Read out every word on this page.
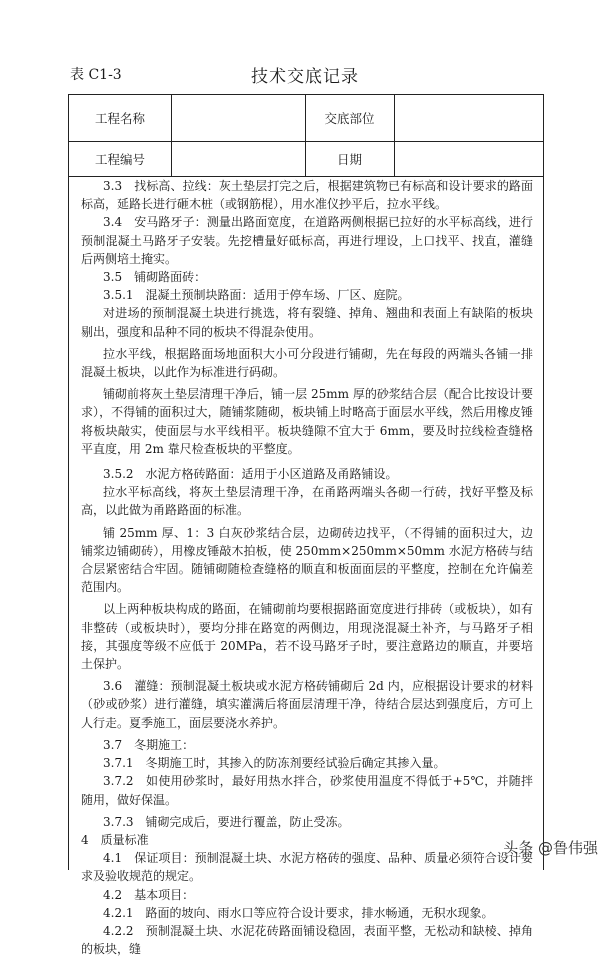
表 C1-3	技术交底记录
工程名称	交底部位
工程编号	日期

3.3　找标高、拉线：灰土垫层打完之后，根据建筑物已有标高和设计要求的路面标高，延路长进行砸木桩（或钢筋棍），用水准仪抄平后，拉水平线。

3.4　安马路牙子：测量出路面宽度，在道路两侧根据已拉好的水平标高线，进行预制混凝土马路牙子安装。先挖槽量好砥标高，再进行埋设，上口找平、找直，灌缝后两侧培土掩实。

3.5　铺砌路面砖：

3.5.1　混凝土预制块路面：适用于停车场、厂区、庭院。

对进场的预制混凝土块进行挑选，将有裂缝、掉角、翘曲和表面上有缺陷的板块剔出，强度和品种不同的板块不得混杂使用。

拉水平线，根据路面场地面积大小可分段进行铺砌，先在每段的两端头各铺一排混凝土板块，以此作为标准进行码砌。

铺砌前将灰土垫层清理干净后，铺一层 25mm 厚的砂浆结合层（配合比按设计要求），不得铺的面积过大，随铺浆随砌，板块铺上时略高于面层水平线，然后用橡皮锤将板块敲实，使面层与水平线相平。板块缝隙不宜大于 6mm，要及时拉线检查缝格平直度，用 2m 靠尺检查板块的平整度。

3.5.2　水泥方格砖路面：适用于小区道路及甬路铺设。

拉水平标高线，将灰土垫层清理干净，在甬路两端头各砌一行砖，找好平整及标高，以此做为甬路路面的标准。

铺 25mm 厚、1：3 白灰砂浆结合层，边砌砖边找平，（不得铺的面积过大，边铺浆边铺砌砖），用橡皮锤敲木拍板，使 250mm×250mm×50mm 水泥方格砖与结合层紧密结合牢固。随铺砌随检查缝格的顺直和板面面层的平整度，控制在允许偏差范围内。

以上两种板块构成的路面，在铺砌前均要根据路面宽度进行排砖（或板块），如有非整砖（或板块时），要均分排在路宽的两侧边，用现浇混凝土补齐，与马路牙子相接，其强度等级不应低于 20MPa，若不设马路牙子时，要注意路边的顺直，并要培土保护。

3.6　灌缝：预制混凝土板块或水泥方格砖铺砌后 2d 内，应根据设计要求的材料（砂或砂浆）进行灌缝，填实灌满后将面层清理干净，待结合层达到强度后，方可上人行走。夏季施工，面层要浇水养护。

3.7　冬期施工：

3.7.1　冬期施工时，其掺入的防冻剂要经试验后确定其掺入量。

3.7.2　如使用砂浆时，最好用热水拌合，砂浆使用温度不得低于+5℃，并随拌随用，做好保温。

3.7.3　铺砌完成后，要进行覆盖，防止受冻。

4　质量标准

4.1　保证项目：预制混凝土块、水泥方格砖的强度、品种、质量必须符合设计要求及验收规范的规定。

4.2　基本项目：

4.2.1　路面的坡向、雨水口等应符合设计要求，排水畅通，无积水现象。

4.2.2　预制混凝土块、水泥花砖路面铺设稳固，表面平整，无松动和缺棱、掉角的板块，缝

头条 @鲁伟强
